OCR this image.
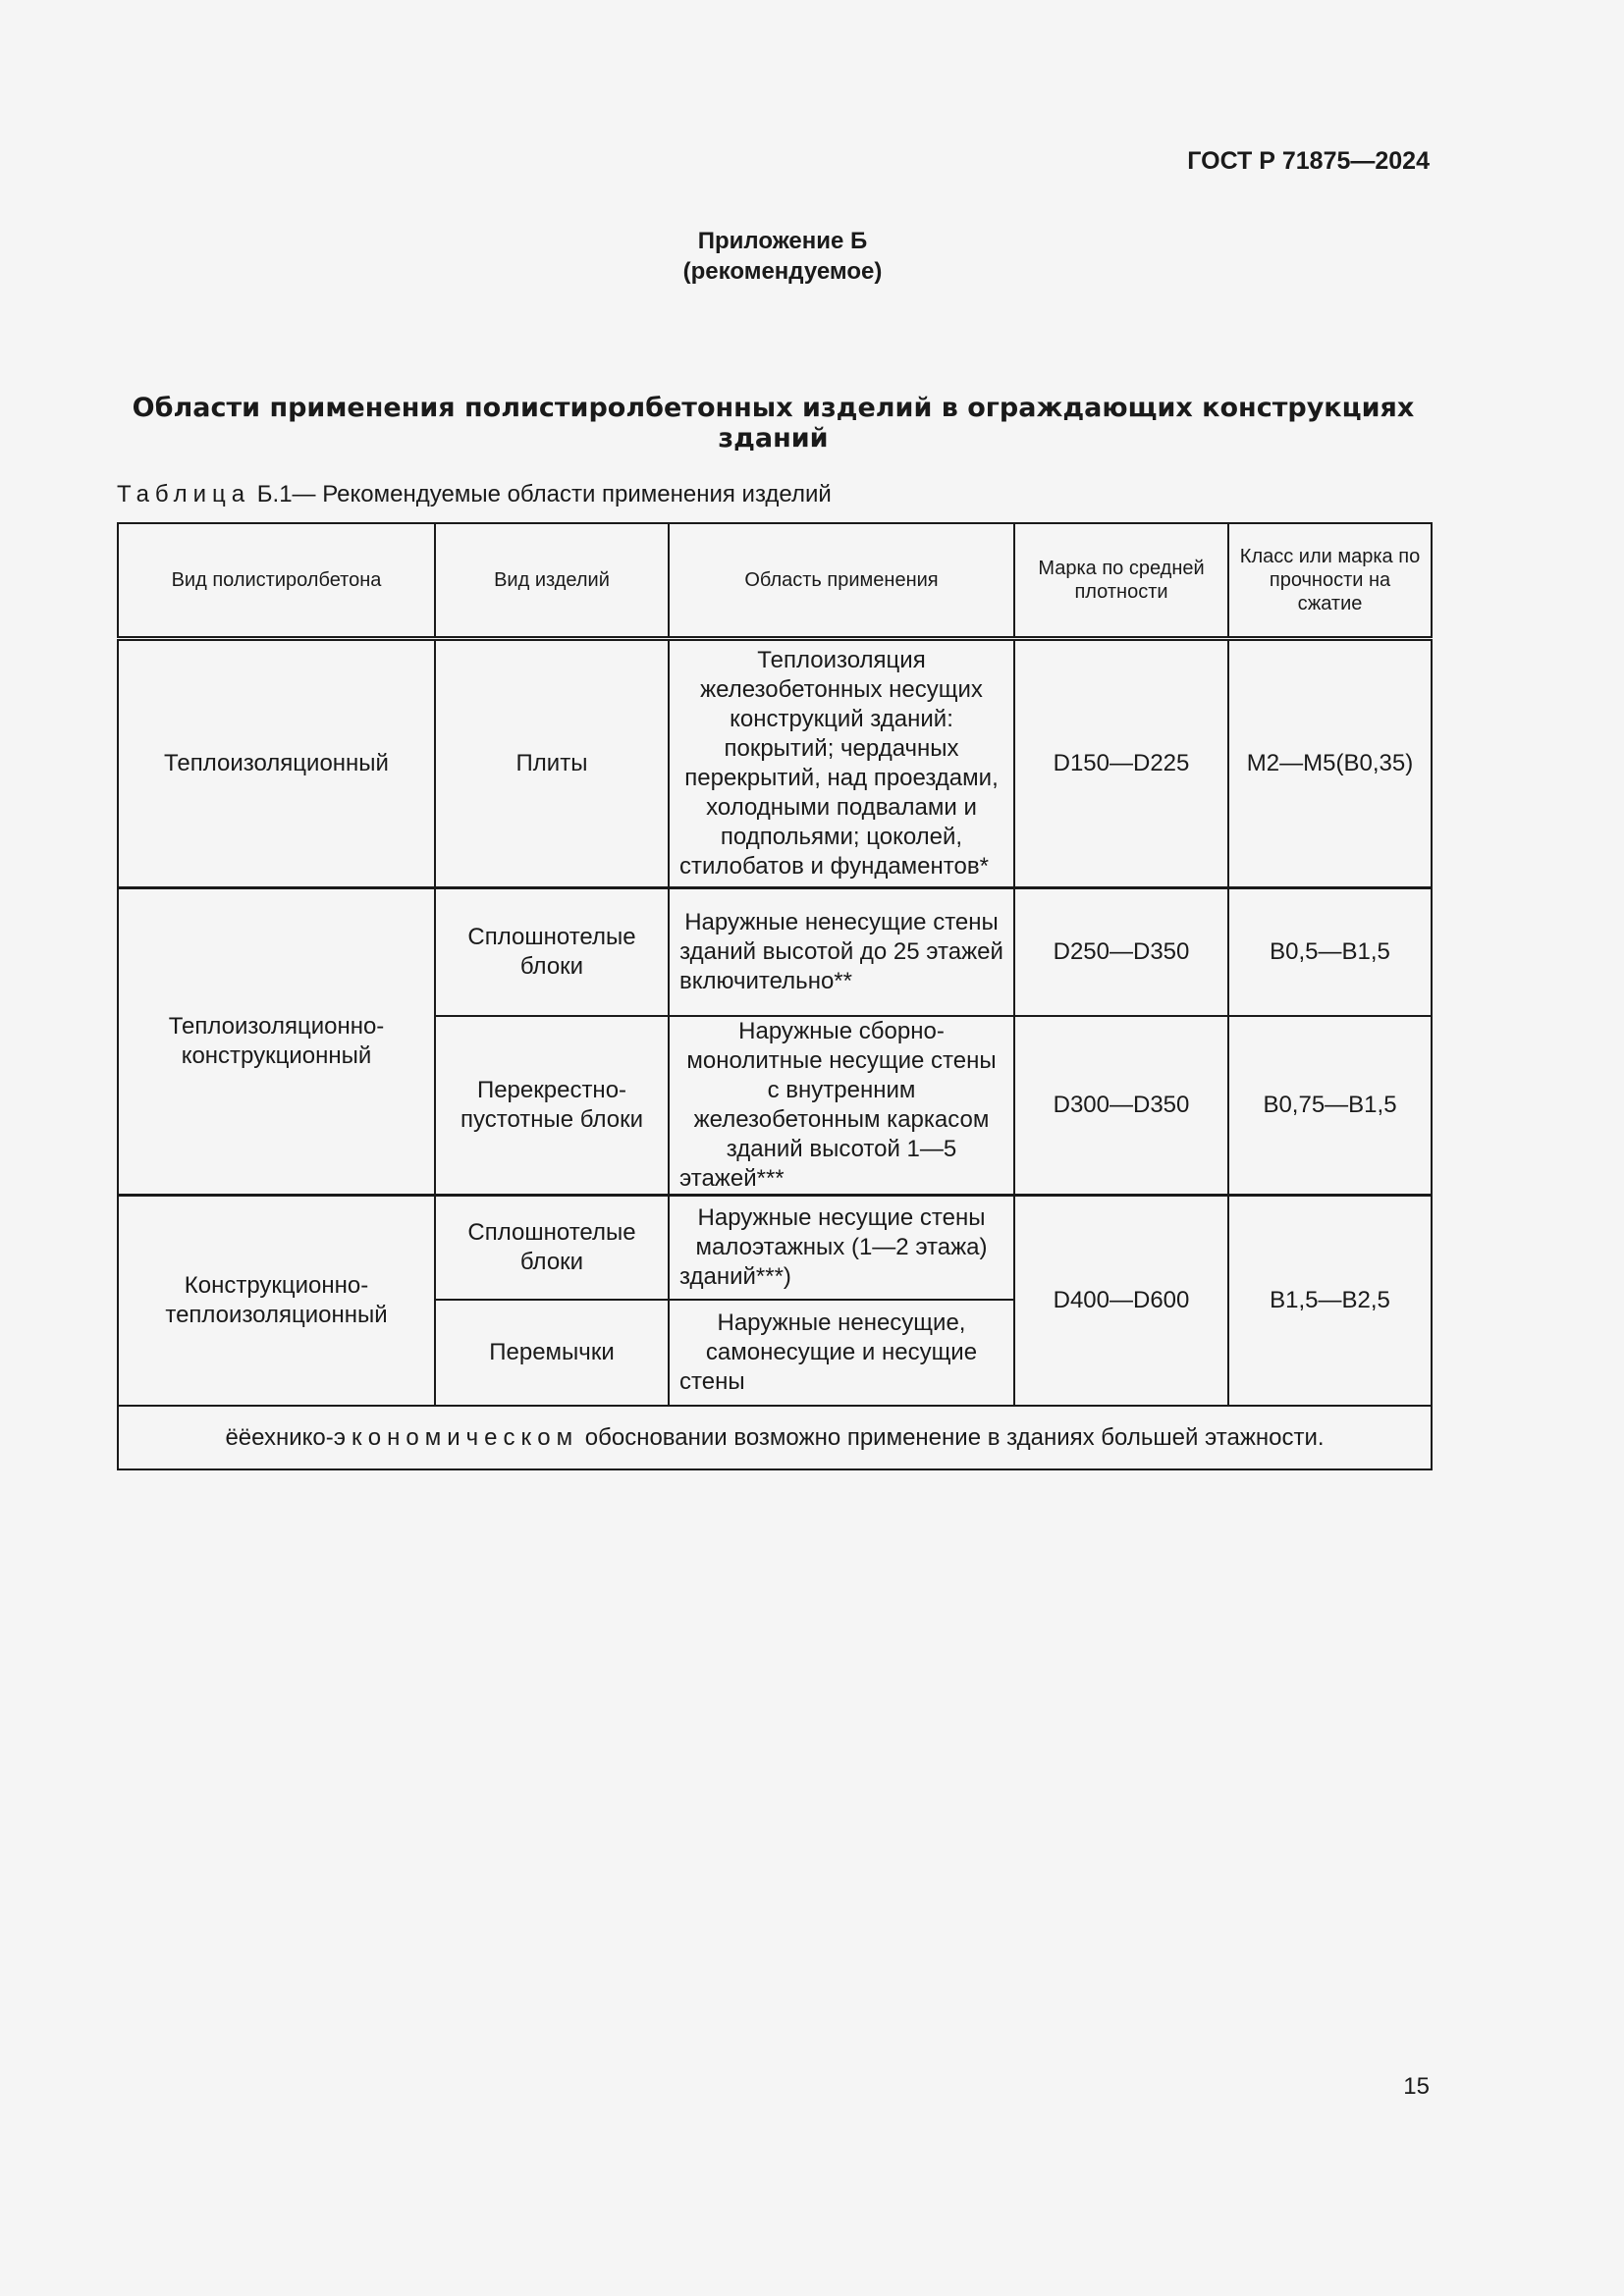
ГОСТ Р 71875—2024
Приложение Б
(рекомендуемое)
Области применения полистиролбетонных изделий в ограждающих конструкциях зданий
Таблица Б.1— Рекомендуемые области применения изделий
Вид полистиролбетона	Вид изделий	Область применения	Марка по средней плотности	Класс или марка по прочности на сжатие
Теплоизоляционный	Плиты	Теплоизоляция железобетонных несущих конструкций зданий: покрытий; чердачных перекрытий, над проездами, холодными подвалами и подпольями; цоколей, стилобатов и фундаментов*	D150—D225	M2—M5(B0,35)
Теплоизоляционно-конструкционный	Сплошнотелые блоки	Наружные ненесущие стены зданий высотой до 25 этажей включительно**	D250—D350	B0,5—B1,5
	Перекрестно-пустотные блоки	Наружные сборно-монолитные несущие стены с внутренним железобетонным каркасом зданий высотой 1—5 этажей***	D300—D350	B0,75—B1,5
Конструкционно-теплоизоляционный	Сплошнотелые блоки	Наружные несущие стены малоэтажных (1—2 этажа) зданий***)	D400—D600	B1,5—B2,5
	Перемычки	Наружные ненесущие, самонесущие и несущие стены		
ёёехнико-экономическом обосновании возможно применение в зданиях большей этажности.				
15
